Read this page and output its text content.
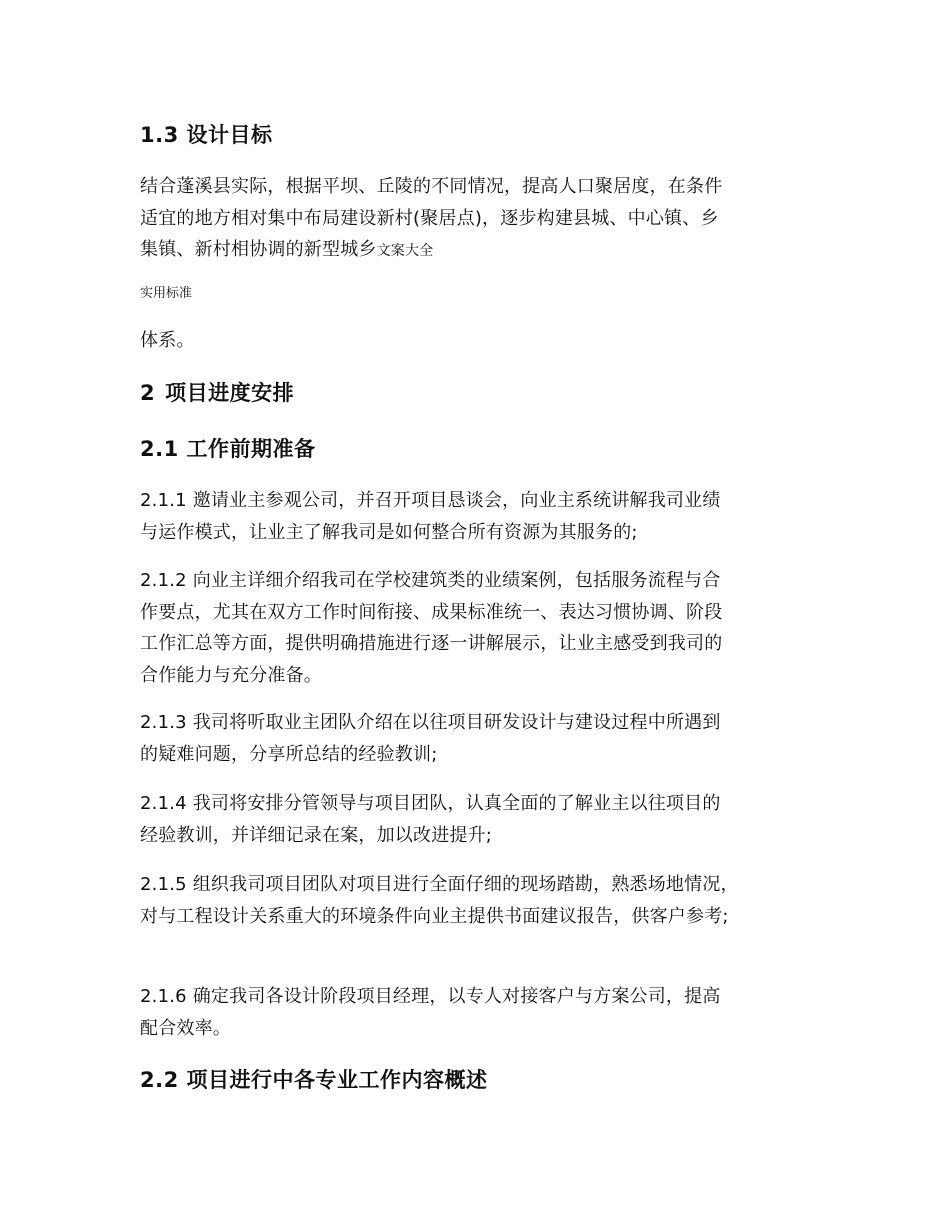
1.3 设计目标

结合蓬溪县实际，根据平坝、丘陵的不同情况，提高人口聚居度，在条件
适宜的地方相对集中布局建设新村(聚居点)，逐步构建县城、中心镇、乡
集镇、新村相协调的新型城乡文案大全

实用标准

体系。

2 项目进度安排
2.1 工作前期准备

2.1.1 邀请业主参观公司，并召开项目恳谈会，向业主系统讲解我司业绩
与运作模式，让业主了解我司是如何整合所有资源为其服务的;

2.1.2 向业主详细介绍我司在学校建筑类的业绩案例，包括服务流程与合
作要点，尤其在双方工作时间衔接、成果标准统一、表达习惯协调、阶段
工作汇总等方面，提供明确措施进行逐一讲解展示，让业主感受到我司的
合作能力与充分准备。

2.1.3 我司将听取业主团队介绍在以往项目研发设计与建设过程中所遇到
的疑难问题，分享所总结的经验教训;

2.1.4 我司将安排分管领导与项目团队，认真全面的了解业主以往项目的
经验教训，并详细记录在案，加以改进提升;

2.1.5 组织我司项目团队对项目进行全面仔细的现场踏勘，熟悉场地情况，
对与工程设计关系重大的环境条件向业主提供书面建议报告，供客户参考;

2.1.6 确定我司各设计阶段项目经理，以专人对接客户与方案公司，提高
配合效率。

2.2 项目进行中各专业工作内容概述
